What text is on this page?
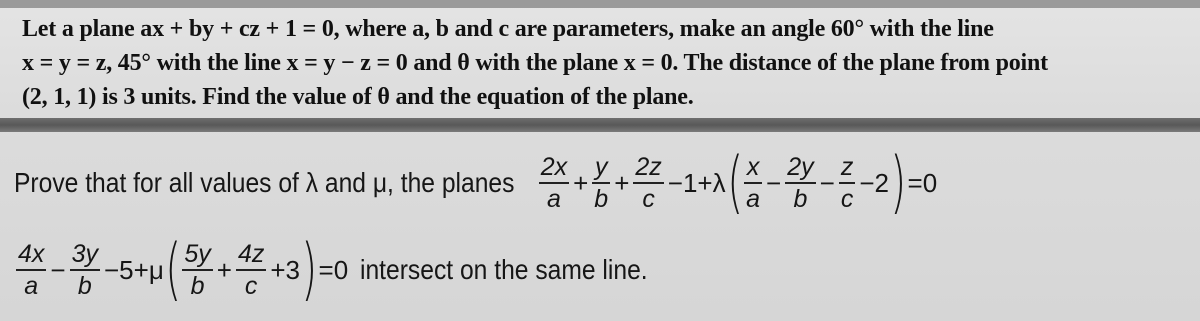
Let a plane ax + by + cz + 1 = 0, where a, b and c are parameters, make an angle 60° with the line
x = y = z, 45° with the line x = y − z = 0 and θ with the plane x = 0. The distance of the plane from point
(2, 1, 1) is 3 units. Find the value of θ and the equation of the plane.
Prove that for all values of λ and μ, the planes $\frac{2x}{a} + \frac{y}{b} + \frac{2z}{c} -1+\lambda$ ( $\frac{x}{a} - \frac{2y}{b} - \frac{z}{c} -2$ ) =0
$\frac{4x}{a} - \frac{3y}{b} -5+\mu$ ( $\frac{5y}{b} + \frac{4z}{c} +3$ ) =0 intersect on the same line.
